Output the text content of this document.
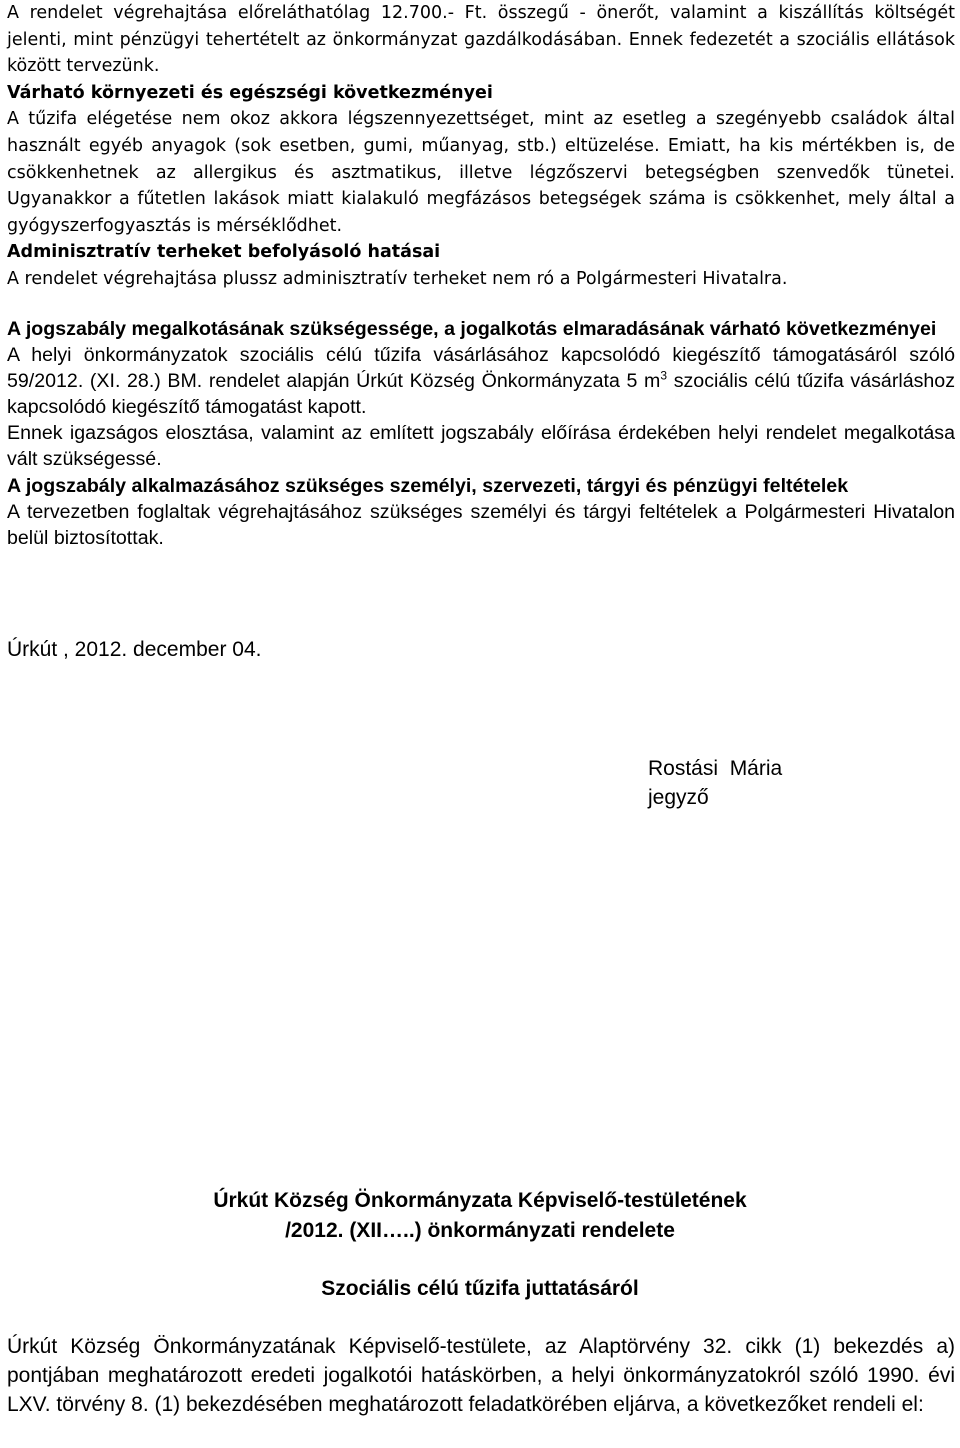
A rendelet végrehajtása előreláthatólag 12.700.- Ft. összegű - önerőt, valamint a kiszállítás költségét jelenti, mint pénzügyi tehertételt az önkormányzat gazdálkodásában. Ennek fedezetét a szociális ellátások között tervezünk.

Várható környezeti és egészségi következményei

A tűzifa elégetése nem okoz akkora légszennyezettséget, mint az esetleg a szegényebb családok által használt egyéb anyagok (sok esetben, gumi, műanyag, stb.) eltüzelése. Emiatt, ha kis mértékben is, de csökkenhetnek az allergikus és asztmatikus, illetve légzőszervi betegségben szenvedők tünetei. Ugyanakkor a fűtetlen lakások miatt kialakuló megfázásos betegségek száma is csökkenhet, mely által a gyógyszerfogyasztás is mérséklődhet.

Adminisztratív terheket befolyásoló hatásai

A rendelet végrehajtása plussz adminisztratív terheket nem ró a Polgármesteri Hivatalra.

A jogszabály megalkotásának szükségessége, a jogalkotás elmaradásának várható következményei

A helyi önkormányzatok szociális célú tűzifa vásárlásához kapcsolódó kiegészítő támogatásáról szóló 59/2012. (XI. 28.) BM. rendelet alapján Úrkút Község Önkormányzata 5 $m^3$ szociális célú tűzifa vásárláshoz kapcsolódó kiegészítő támogatást kapott.

Ennek igazságos elosztása, valamint az említett jogszabály előírása érdekében helyi rendelet megalkotása vált szükségessé.

A jogszabály alkalmazásához szükséges személyi, szervezeti, tárgyi és pénzügyi feltételek

A tervezetben foglaltak végrehajtásához szükséges személyi és tárgyi feltételek a Polgármesteri Hivatalon belül biztosítottak.

Úrkút , 2012. december 04.
Rostási  Mária
jegyző
Úrkút Község Önkormányzata Képviselő-testületének
/2012. (XII…..) önkormányzati rendelete
Szociális célú tűzifa juttatásáról

Úrkút Község Önkormányzatának Képviselő-testülete, az Alaptörvény 32. cikk (1) bekezdés a) pontjában meghatározott eredeti jogalkotói hatáskörben, a helyi önkormányzatokról szóló 1990. évi LXV. törvény 8. (1) bekezdésében meghatározott feladatkörében eljárva, a következőket rendeli el:
